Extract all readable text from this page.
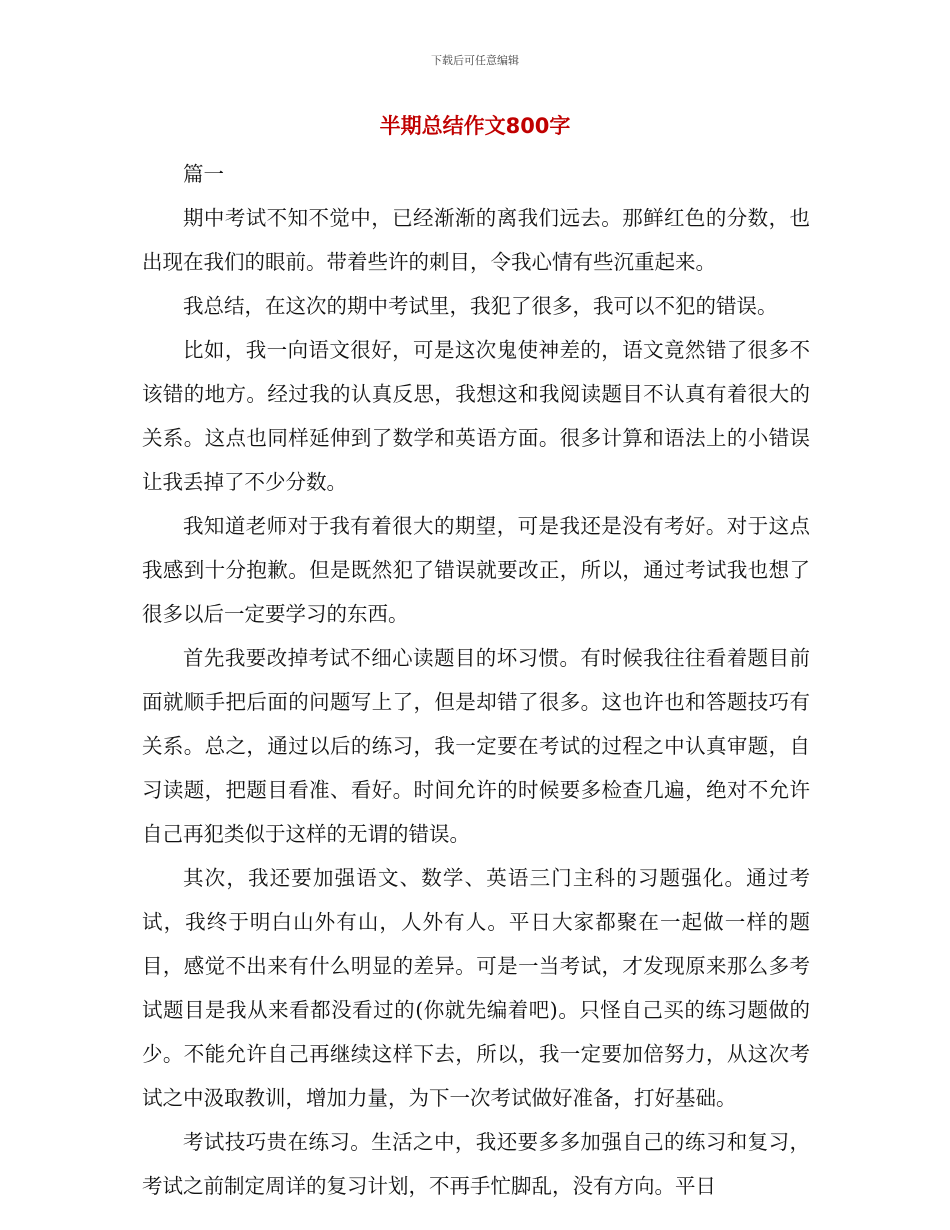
下载后可任意编辑
半期总结作文800字

篇一

期中考试不知不觉中，已经渐渐的离我们远去。那鲜红色的分数，也出现在我们的眼前。带着些许的刺目，令我心情有些沉重起来。

我总结，在这次的期中考试里，我犯了很多，我可以不犯的错误。

比如，我一向语文很好，可是这次鬼使神差的，语文竟然错了很多不该错的地方。经过我的认真反思，我想这和我阅读题目不认真有着很大的关系。这点也同样延伸到了数学和英语方面。很多计算和语法上的小错误让我丢掉了不少分数。

我知道老师对于我有着很大的期望，可是我还是没有考好。对于这点我感到十分抱歉。但是既然犯了错误就要改正，所以，通过考试我也想了很多以后一定要学习的东西。

首先我要改掉考试不细心读题目的坏习惯。有时候我往往看着题目前面就顺手把后面的问题写上了，但是却错了很多。这也许也和答题技巧有关系。总之，通过以后的练习，我一定要在考试的过程之中认真审题，自习读题，把题目看准、看好。时间允许的时候要多检查几遍，绝对不允许自己再犯类似于这样的无谓的错误。

其次，我还要加强语文、数学、英语三门主科的习题强化。通过考试，我终于明白山外有山，人外有人。平日大家都聚在一起做一样的题目，感觉不出来有什么明显的差异。可是一当考试，才发现原来那么多考试题目是我从来看都没看过的(你就先编着吧)。只怪自己买的练习题做的少。不能允许自己再继续这样下去，所以，我一定要加倍努力，从这次考试之中汲取教训，增加力量，为下一次考试做好准备，打好基础。

考试技巧贵在练习。生活之中，我还要多多加强自己的练习和复习，考试之前制定周详的复习计划，不再手忙脚乱，没有方向。平日
